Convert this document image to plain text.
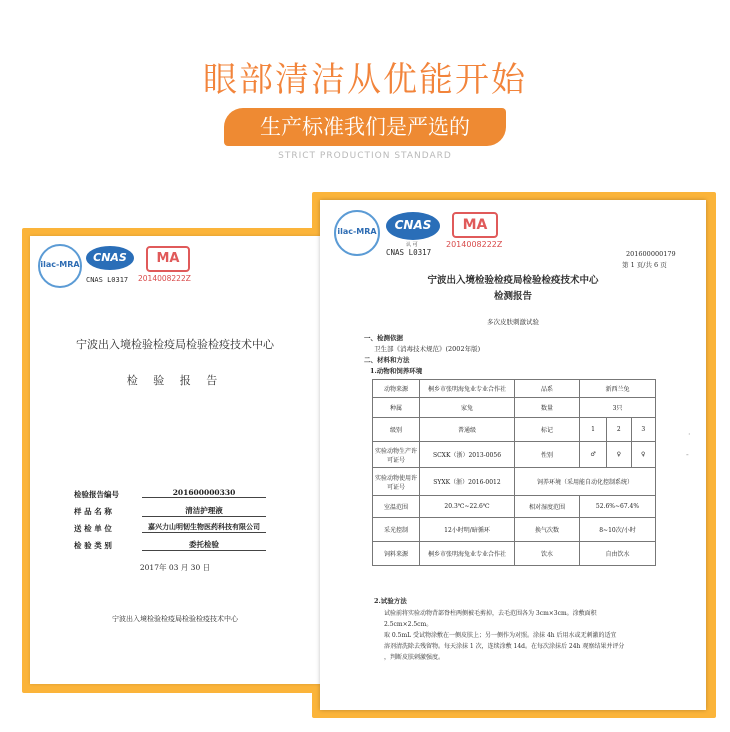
眼部清洁从优能开始
生产标准我们是严选的
STRICT PRODUCTION STANDARD
ilac-MRA
CNAS
CNAS L0317
MA
2014008222Z
宁波出入境检验检疫局检验检疫技术中心
检 验 报 告
检验报告编号	201600000330
样 品 名 称	清洁护理液
送 检 单 位	嘉兴力山明韧生物医药科技有限公司
检 验 类 别	委托检验
2017年 03 月 30 日
宁波出入境检验检疫局检验检疫技术中心
ilac-MRA	CNAS
认 可
CNAS L0317
MA
2014008222Z
201600000179
第 1 页/共 6 页
宁波出入境检验检疫局检验检疫技术中心
检测报告
多次皮肤刺激试验
一、检测依据
卫生部《消毒技术规范》(2002年版)
二、材料和方法
1.动物和饲养环境
动物来源	桐乡市张明海兔业专业合作社	品系	新西兰兔		
种属	家兔	数量	3只		
级别	普通级	标记	1	2	3
实验动物生产许可证号	SCXK（浙）2013-0056	性别	♂	♀	♀
实验动物使用许可证号	SYXK（浙）2016-0012	饲养环境（采用能自动化控制系统）			
室温范围	20.3℃~22.6℃	相对湿度范围	52.6%~67.4%		
采光控制	12小时明/暗循环	换气次数	8~10次/小时		
饲料来源	桐乡市张明海兔业专业合作社	饮水	自由饮水		
2.试验方法
试验前将实验动物背部脊柱两侧被毛剪掉，去毛范围各为 3cm×3cm。涂敷面积
2.5cm×2.5cm。
取 0.5mL 受试物涂敷在一侧皮肤上；另一侧作为对照。涂抹 4h 后用水或无刺激的适宜
溶剂清洗除去残留物。每天涂抹 1 次，连续涂敷 14d。在每次涂抹后 24h 观察结果并评分
，判断皮肤刺激强度。
·
-
